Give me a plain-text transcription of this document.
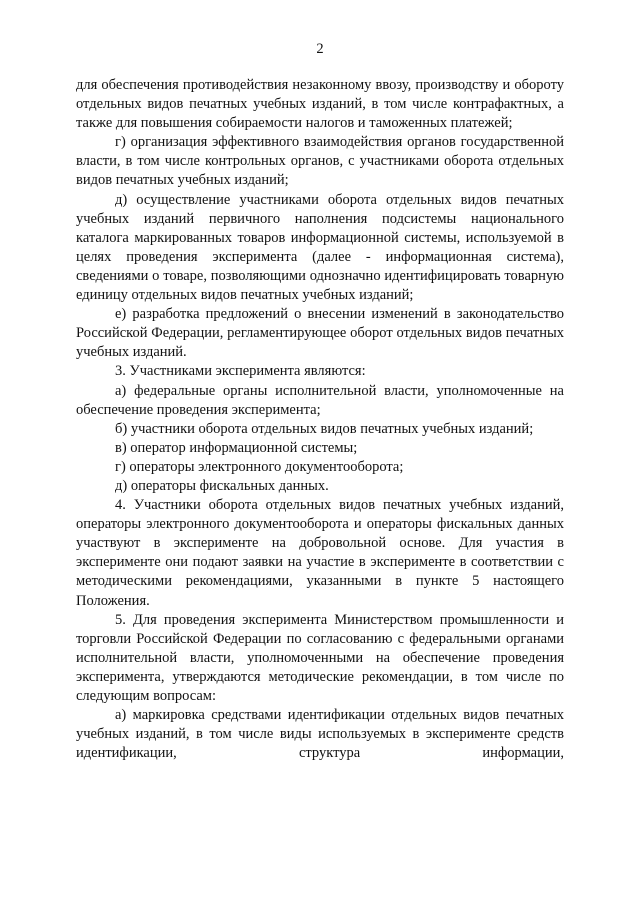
2

для обеспечения противодействия незаконному ввозу, производству и обороту отдельных видов печатных учебных изданий, в том числе контрафактных, а также для повышения собираемости налогов и таможенных платежей;

г) организация эффективного взаимодействия органов государственной власти, в том числе контрольных органов, с участниками оборота отдельных видов печатных учебных изданий;

д) осуществление участниками оборота отдельных видов печатных учебных изданий первичного наполнения подсистемы национального каталога маркированных товаров информационной системы, используемой в целях проведения эксперимента (далее - информационная система), сведениями о товаре, позволяющими однозначно идентифицировать товарную единицу отдельных видов печатных учебных изданий;

е) разработка предложений о внесении изменений в законодательство Российской Федерации, регламентирующее оборот отдельных видов печатных учебных изданий.

3. Участниками эксперимента являются:

а) федеральные органы исполнительной власти, уполномоченные на обеспечение проведения эксперимента;

б) участники оборота отдельных видов печатных учебных изданий;

в) оператор информационной системы;

г) операторы электронного документооборота;

д) операторы фискальных данных.

4. Участники оборота отдельных видов печатных учебных изданий, операторы электронного документооборота и операторы фискальных данных участвуют в эксперименте на добровольной основе. Для участия в эксперименте они подают заявки на участие в эксперименте в соответствии с методическими рекомендациями, указанными в пункте 5 настоящего Положения.

5. Для проведения эксперимента Министерством промышленности и торговли Российской Федерации по согласованию с федеральными органами исполнительной власти, уполномоченными на обеспечение проведения эксперимента, утверждаются методические рекомендации, в том числе по следующим вопросам:

а) маркировка средствами идентификации отдельных видов печатных учебных изданий, в том числе виды используемых в эксперименте средств идентификации, структура информации,
